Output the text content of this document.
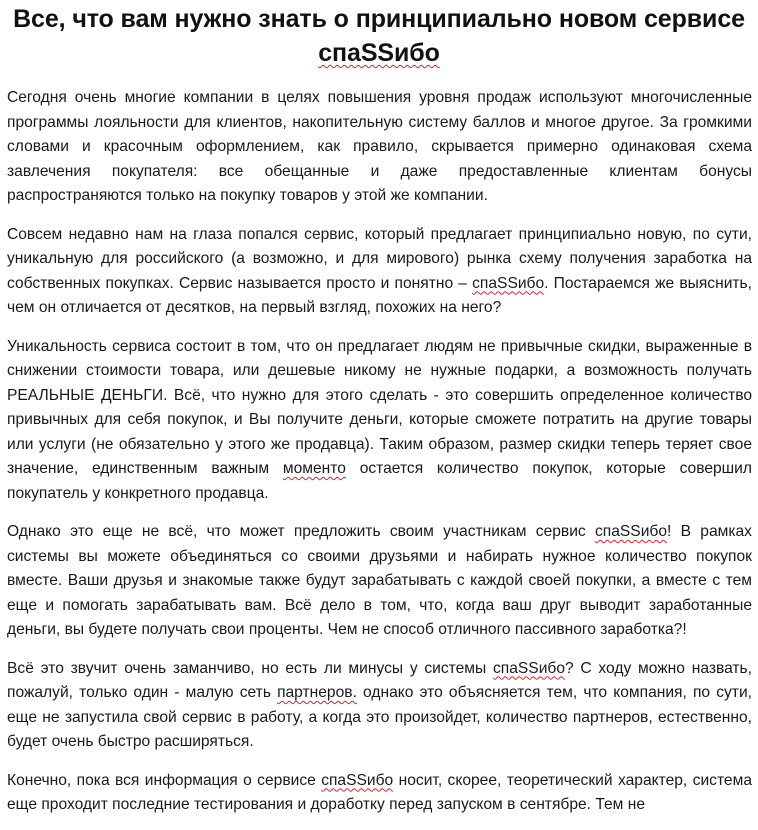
Все, что вам нужно знать о принципиально новом сервисе
спаSSибо

Сегодня очень многие компании в целях повышения уровня продаж используют многочисленные программы лояльности для клиентов, накопительную систему баллов и многое другое. За громкими словами и красочным оформлением, как правило, скрывается примерно одинаковая схема завлечения покупателя: все обещанные и даже предоставленные клиентам бонусы распространяются только на покупку товаров у этой же компании.

Совсем недавно нам на глаза попался сервис, который предлагает принципиально новую, по сути, уникальную для российского (а возможно, и для мирового) рынка схему получения заработка на собственных покупках. Сервис называется просто и понятно – спаSSибо. Постараемся же выяснить, чем он отличается от десятков, на первый взгляд, похожих на него?

Уникальность сервиса состоит в том, что он предлагает людям не привычные скидки, выраженные в снижении стоимости товара, или дешевые никому не нужные подарки, а возможность получать РЕАЛЬНЫЕ ДЕНЬГИ. Всё, что нужно для этого сделать - это совершить определенное количество привычных для себя покупок, и Вы получите деньги, которые сможете потратить на другие товары или услуги (не обязательно у этого же продавца). Таким образом, размер скидки теперь теряет свое значение, единственным важным моменто остается количество покупок, которые совершил покупатель у конкретного продавца.

Однако это еще не всё, что может предложить своим участникам сервис спаSSибо! В рамках системы вы можете объединяться со своими друзьями и набирать нужное количество покупок вместе. Ваши друзья и знакомые также будут зарабатывать с каждой своей покупки, а вместе с тем еще и помогать зарабатывать вам. Всё дело в том, что, когда ваш друг выводит заработанные деньги, вы будете получать свои проценты. Чем не способ отличного пассивного заработка?!

Всё это звучит очень заманчиво, но есть ли минусы у системы спаSSибо? С ходу можно назвать, пожалуй, только один - малую сеть партнеров. однако это объясняется тем, что компания, по сути, еще не запустила свой сервис в работу, а когда это произойдет, количество партнеров, естественно, будет очень быстро расширяться.

Конечно, пока вся информация о сервисе спаSSибо носит, скорее, теоретический характер, система еще проходит последние тестирования и доработку перед запуском в сентябре. Тем не
